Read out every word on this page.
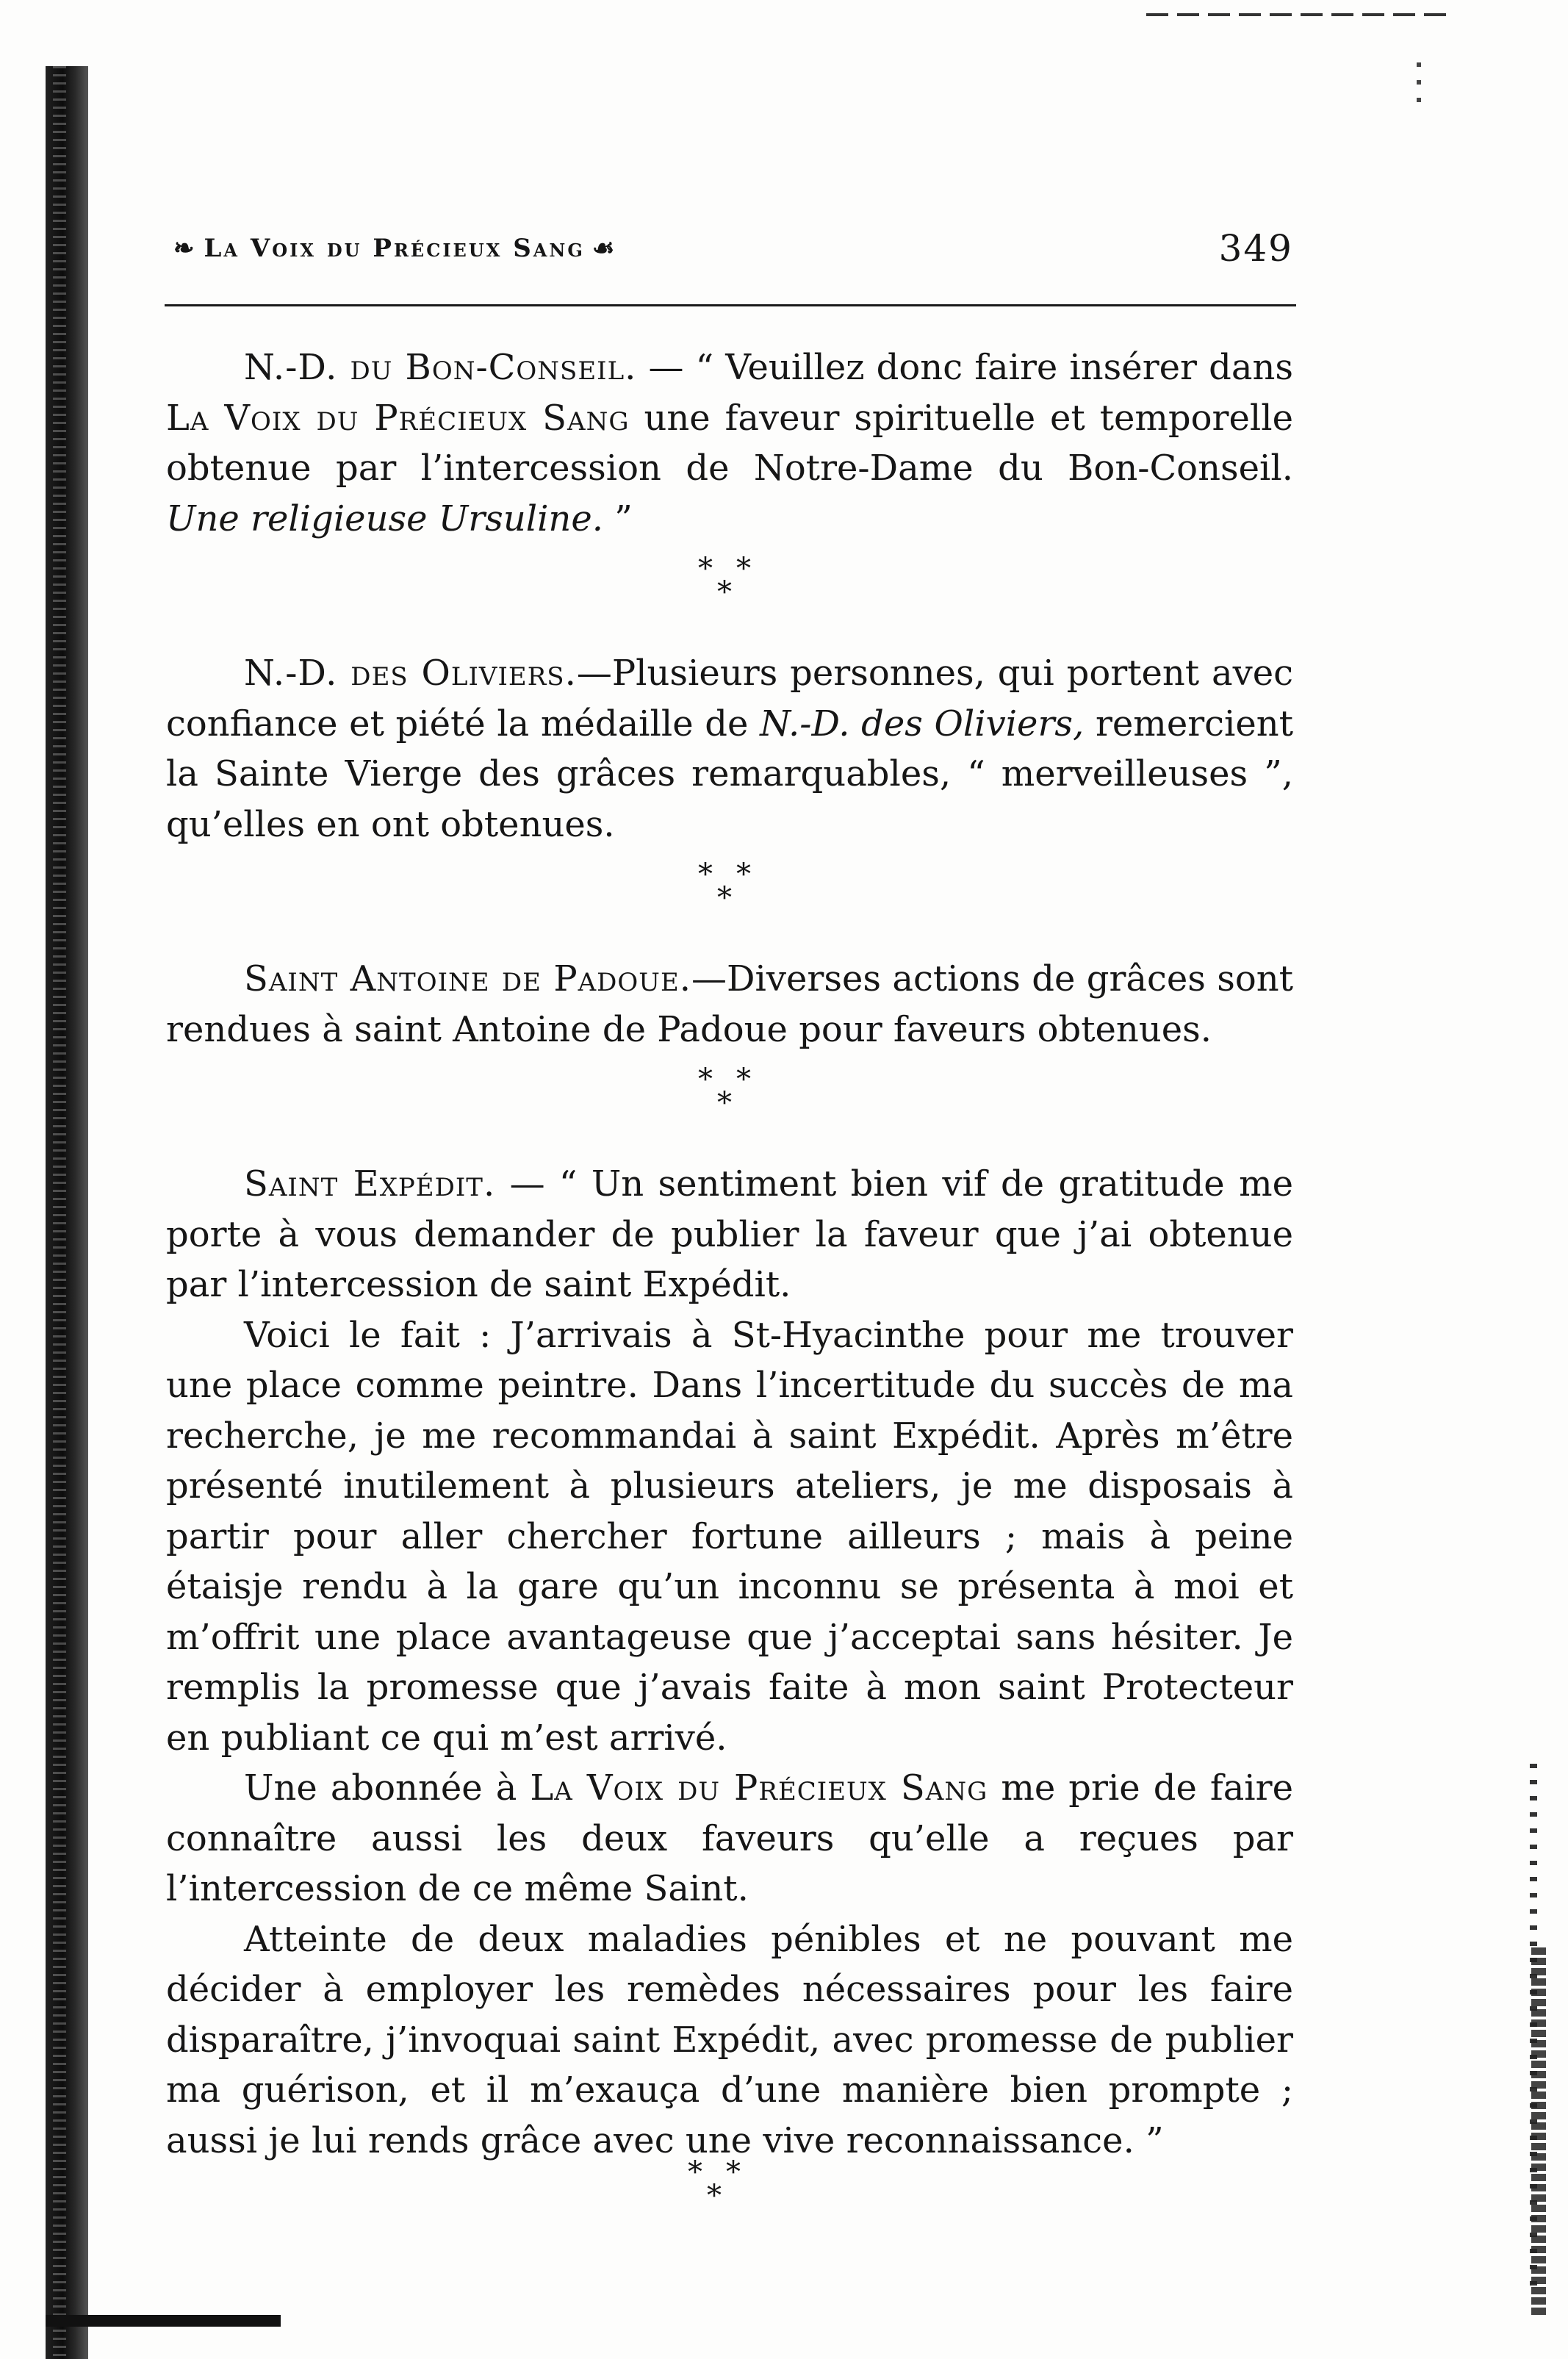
❧ La Voix du Précieux Sang ☙	349

N.-D. du Bon-Conseil. — “ Veuillez donc faire insérer dans La Voix du Précieux Sang une faveur spirituelle et temporelle obtenue par l’intercession de Notre-Dame du Bon-Conseil. Une religieuse Ursuline. ”

* *
*

N.-D. des Oliviers.—Plusieurs personnes, qui portent avec confiance et piété la médaille de N.-D. des Oliviers, remercient la Sainte Vierge des grâces remarquables, “ merveilleuses ”, qu’elles en ont obtenues.

* *
*

Saint Antoine de Padoue.—Diverses actions de grâces sont rendues à saint Antoine de Padoue pour faveurs obtenues.

* *
*

Saint Expédit. — “ Un sentiment bien vif de gratitude me porte à vous demander de publier la faveur que j’ai obtenue par l’intercession de saint Expédit.

Voici le fait : J’arrivais à St-Hyacinthe pour me trouver une place comme peintre. Dans l’incertitude du succès de ma recherche, je me recommandai à saint Expédit. Après m’être présenté inutilement à plusieurs ateliers, je me disposais à partir pour aller chercher fortune ailleurs ; mais à peine étaisje rendu à la gare qu’un inconnu se présenta à moi et m’offrit une place avantageuse que j’acceptai sans hésiter. Je remplis la promesse que j’avais faite à mon saint Protecteur en publiant ce qui m’est arrivé.

Une abonnée à La Voix du Précieux Sang me prie de faire connaître aussi les deux faveurs qu’elle a reçues par l’intercession de ce même Saint.

Atteinte de deux maladies pénibles et ne pouvant me décider à employer les remèdes nécessaires pour les faire disparaître, j’invoquai saint Expédit, avec promesse de publier ma guérison, et il m’exauça d’une manière bien prompte ; aussi je lui rends grâce avec une vive reconnaissance. ”

* *
*
